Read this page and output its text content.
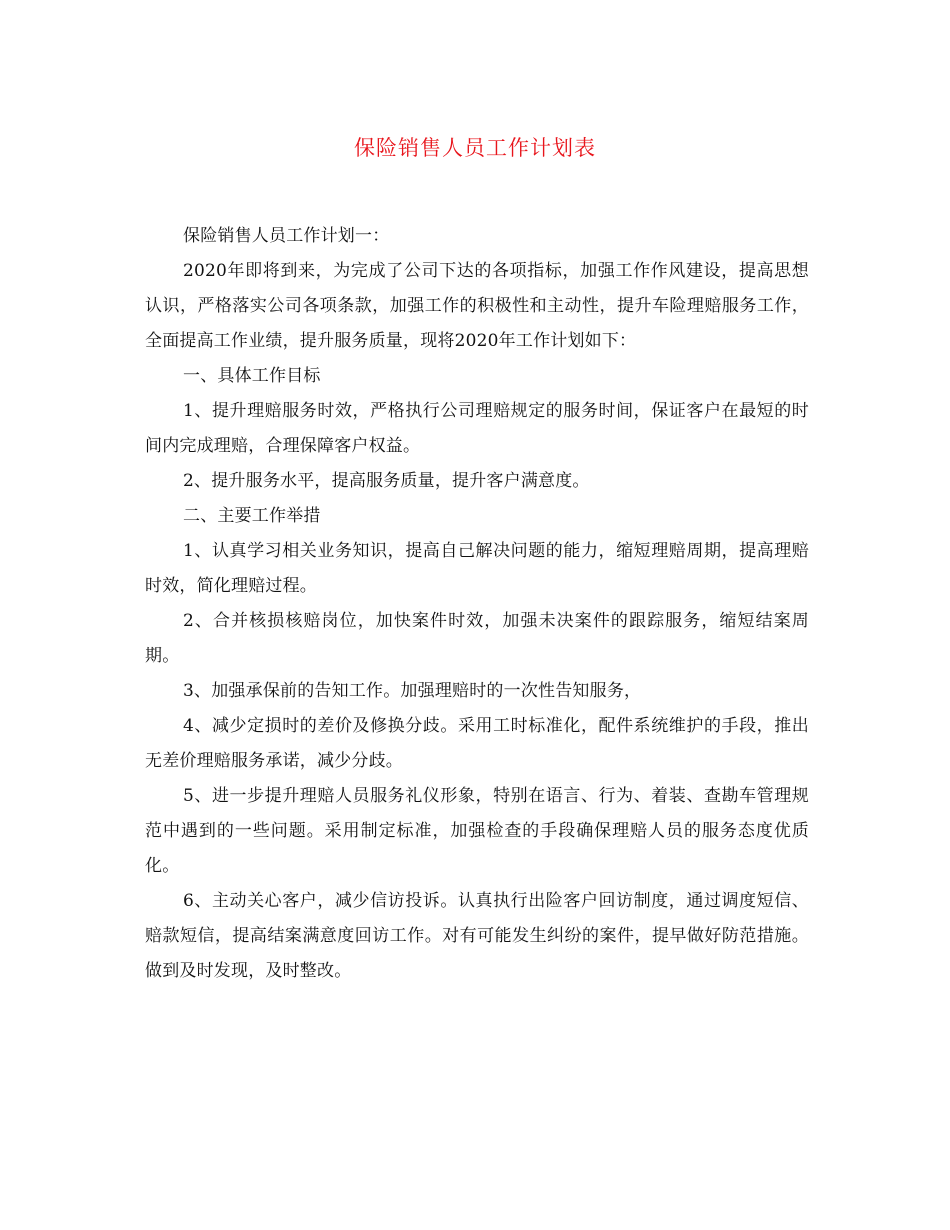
保险销售人员工作计划表

保险销售人员工作计划一：

2020年即将到来，为完成了公司下达的各项指标，加强工作作风建设，提高思想认识，严格落实公司各项条款，加强工作的积极性和主动性，提升车险理赔服务工作，全面提高工作业绩，提升服务质量，现将2020年工作计划如下：

一、具体工作目标

1、提升理赔服务时效，严格执行公司理赔规定的服务时间，保证客户在最短的时间内完成理赔，合理保障客户权益。

2、提升服务水平，提高服务质量，提升客户满意度。

二、主要工作举措

1、认真学习相关业务知识，提高自己解决问题的能力，缩短理赔周期，提高理赔时效，简化理赔过程。

2、合并核损核赔岗位，加快案件时效，加强未决案件的跟踪服务，缩短结案周期。

3、加强承保前的告知工作。加强理赔时的一次性告知服务，

4、减少定损时的差价及修换分歧。采用工时标准化，配件系统维护的手段，推出无差价理赔服务承诺，减少分歧。

5、进一步提升理赔人员服务礼仪形象，特别在语言、行为、着装、查勘车管理规范中遇到的一些问题。采用制定标准，加强检查的手段确保理赔人员的服务态度优质化。

6、主动关心客户，减少信访投诉。认真执行出险客户回访制度，通过调度短信、赔款短信，提高结案满意度回访工作。对有可能发生纠纷的案件，提早做好防范措施。做到及时发现，及时整改。
